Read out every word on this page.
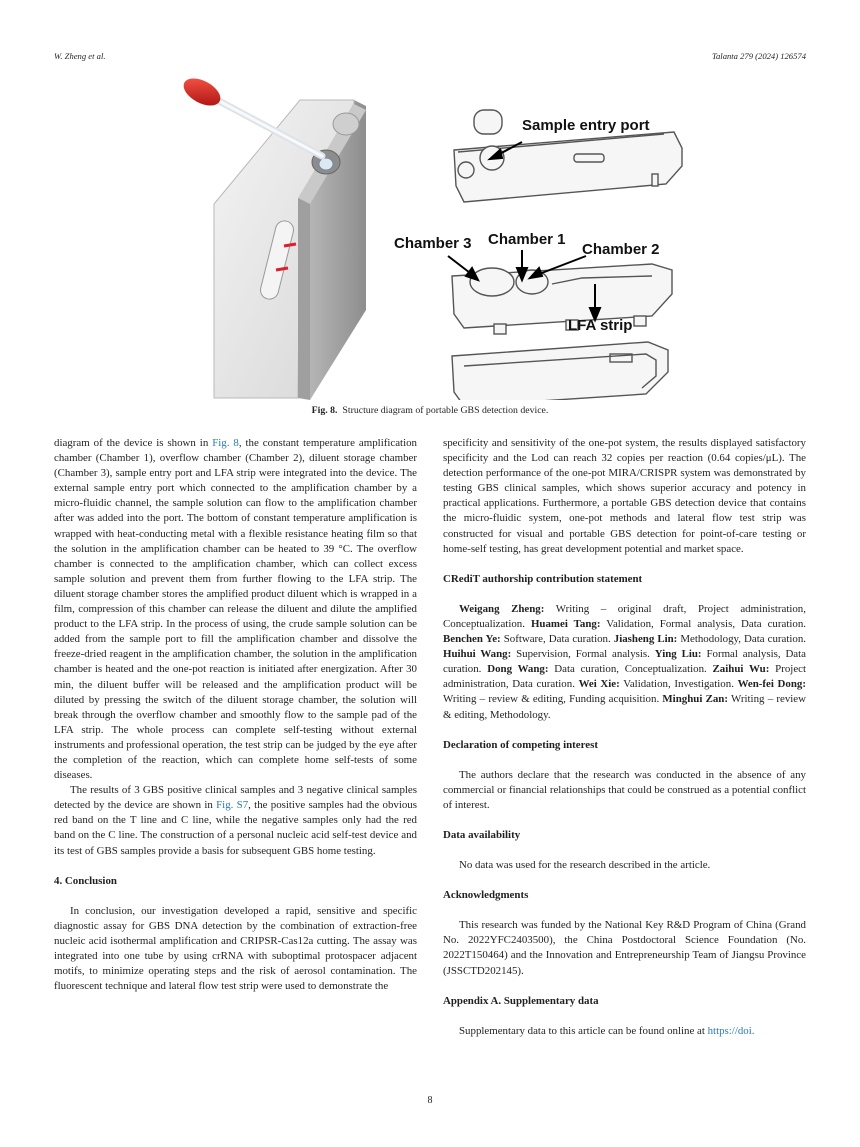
W. Zheng et al.	Talanta 279 (2024) 126574
Sample entry port
Chamber 3 Chamber 1
Chamber 2
LFA strip
Fig. 8. Structure diagram of portable GBS detection device.

diagram of the device is shown in Fig. 8, the constant temperature amplification chamber (Chamber 1), overflow chamber (Chamber 2), diluent storage chamber (Chamber 3), sample entry port and LFA strip were integrated into the device. The external sample entry port which connected to the amplification chamber by a micro-fluidic channel, the sample solution can flow to the amplification chamber after was added into the port. The bottom of constant temperature amplification is wrapped with heat-conducting metal with a flexible resistance heating film so that the solution in the amplification chamber can be heated to 39 °C. The overflow chamber is connected to the amplification chamber, which can collect excess sample solution and prevent them from further flowing to the LFA strip. The diluent storage chamber stores the amplified product diluent which is wrapped in a film, compression of this chamber can release the diluent and dilute the amplified product to the LFA strip. In the process of using, the crude sample solution can be added from the sample port to fill the amplification chamber and dissolve the freeze-dried reagent in the amplification chamber, the solution in the amplification chamber is heated and the one-pot reaction is initiated after energization. After 30 min, the diluent buffer will be released and the amplification product will be diluted by pressing the switch of the diluent storage chamber, the solution will break through the overflow chamber and smoothly flow to the sample pad of the LFA strip. The whole process can complete self-testing without external instruments and professional operation, the test strip can be judged by the eye after the completion of the reaction, which can complete home self-tests of some diseases.

The results of 3 GBS positive clinical samples and 3 negative clinical samples detected by the device are shown in Fig. S7, the positive samples had the obvious red band on the T line and C line, while the negative samples only had the red band on the C line. The construction of a personal nucleic acid self-test device and its test of GBS samples provide a basis for subsequent GBS home testing.

4. Conclusion

In conclusion, our investigation developed a rapid, sensitive and specific diagnostic assay for GBS DNA detection by the combination of extraction-free nucleic acid isothermal amplification and CRIPSR-Cas12a cutting. The assay was integrated into one tube by using crRNA with suboptimal protospacer adjacent motifs, to minimize operating steps and the risk of aerosol contamination. The fluorescent technique and lateral flow test strip were used to demonstrate the

specificity and sensitivity of the one-pot system, the results displayed satisfactory specificity and the Lod can reach 32 copies per reaction (0.64 copies/μL). The detection performance of the one-pot MIRA/CRISPR system was demonstrated by testing GBS clinical samples, which shows superior accuracy and potency in practical applications. Furthermore, a portable GBS detection device that contains the micro-fluidic system, one-pot methods and lateral flow test strip was constructed for visual and portable GBS detection for point-of-care testing or home-self testing, has great development potential and market space.

CRediT authorship contribution statement

Weigang Zheng: Writing – original draft, Project administration, Conceptualization. Huamei Tang: Validation, Formal analysis, Data curation. Benchen Ye: Software, Data curation. Jiasheng Lin: Methodology, Data curation. Huihui Wang: Supervision, Formal analysis. Ying Liu: Formal analysis, Data curation. Dong Wang: Data curation, Conceptualization. Zaihui Wu: Project administration, Data curation. Wei Xie: Validation, Investigation. Wen-fei Dong: Writing – review & editing, Funding acquisition. Minghui Zan: Writing – review & editing, Methodology.

Declaration of competing interest

The authors declare that the research was conducted in the absence of any commercial or financial relationships that could be construed as a potential conflict of interest.

Data availability

No data was used for the research described in the article.

Acknowledgments

This research was funded by the National Key R&D Program of China (Grand No. 2022YFC2403500), the China Postdoctoral Science Foundation (No. 2022T150464) and the Innovation and Entrepreneurship Team of Jiangsu Province (JSSCTD202145).

Appendix A. Supplementary data

Supplementary data to this article can be found online at https://doi.

8
